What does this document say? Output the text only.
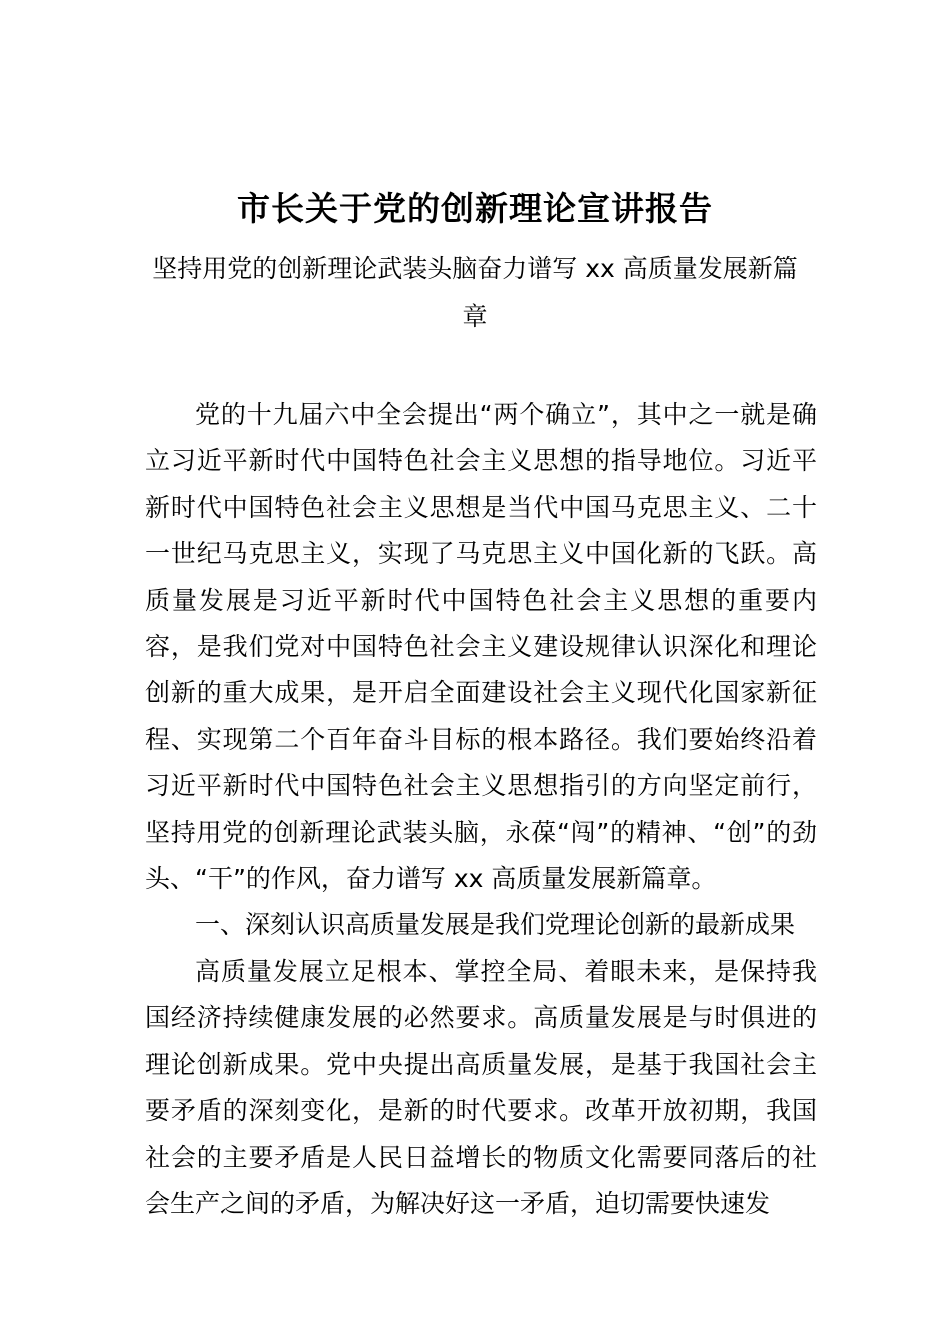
市长关于党的创新理论宣讲报告
坚持用党的创新理论武装头脑奋力谱写 xx 高质量发展新篇章

党的十九届六中全会提出“两个确立”，其中之一就是确立习近平新时代中国特色社会主义思想的指导地位。习近平新时代中国特色社会主义思想是当代中国马克思主义、二十一世纪马克思主义，实现了马克思主义中国化新的飞跃。高质量发展是习近平新时代中国特色社会主义思想的重要内容，是我们党对中国特色社会主义建设规律认识深化和理论创新的重大成果，是开启全面建设社会主义现代化国家新征程、实现第二个百年奋斗目标的根本路径。我们要始终沿着习近平新时代中国特色社会主义思想指引的方向坚定前行， 坚持用党的创新理论武装头脑，永葆“闯”的精神、“创”的劲头、“干”的作风，奋力谱写 xx 高质量发展新篇章。

一、深刻认识高质量发展是我们党理论创新的最新成果

高质量发展立足根本、掌控全局、着眼未来，是保持我国经济持续健康发展的必然要求。高质量发展是与时俱进的理论创新成果。党中央提出高质量发展，是基于我国社会主要矛盾的深刻变化，是新的时代要求。改革开放初期，我国社会的主要矛盾是人民日益增长的物质文化需要同落后的社会生产之间的矛盾，为解决好这一矛盾，迫切需要快速发
